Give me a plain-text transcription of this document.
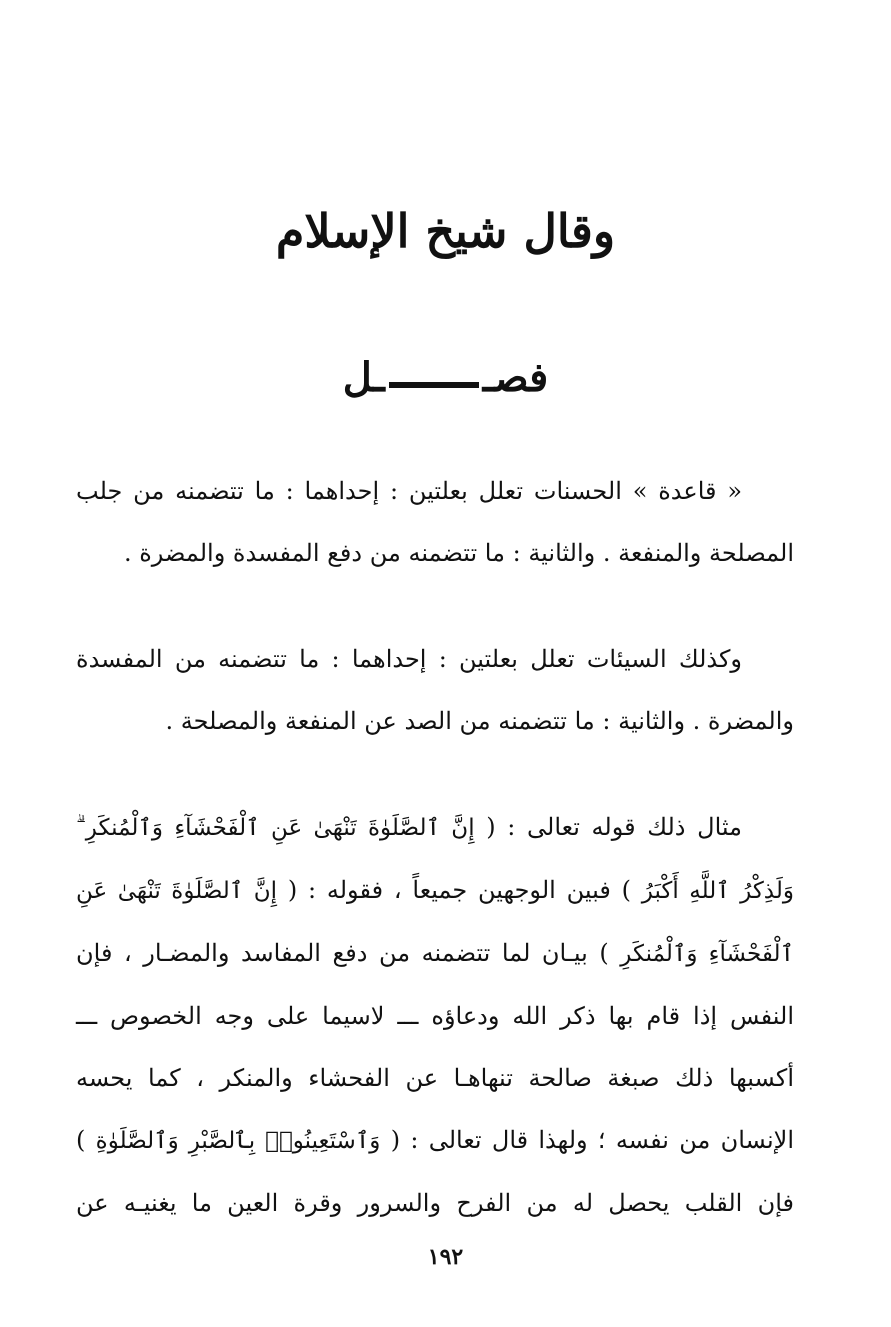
وقال شيخ الإسلام
فصــل

« قاعدة » الحسنات تعلل بعلتين : إحداهما : ما تتضمنه من جلب المصلحة والمنفعة . والثانية : ما تتضمنه من دفع المفسدة والمضرة .

وكذلك السيئات تعلل بعلتين : إحداهما : ما تتضمنه من المفسدة والمضرة . والثانية : ما تتضمنه من الصد عن المنفعة والمصلحة .

مثال ذلك قوله تعالى : ( إِنَّ ٱلصَّلَوٰةَ تَنْهَىٰ عَنِ ٱلْفَحْشَآءِ وَٱلْمُنكَرِ ۗ وَلَذِكْرُ ٱللَّهِ أَكْبَرُ ) فبين الوجهين جميعاً ، فقوله : ( إِنَّ ٱلصَّلَوٰةَ تَنْهَىٰ عَنِ ٱلْفَحْشَآءِ وَٱلْمُنكَرِ ) بيـان لما تتضمنه من دفع المفاسد والمضـار ، فإن النفس إذا قام بها ذكر الله ودعاؤه ـــ لاسيما على وجه الخصوص ـــ أكسبها ذلك صبغة صالحة تنهاهـا عن الفحشاء والمنكر ، كما يحسه الإنسان من نفسه ؛ ولهذا قال تعالى : ( وَٱسْتَعِينُوا۟ بِٱلصَّبْرِ وَٱلصَّلَوٰةِ ) فإن القلب يحصل له من الفرح والسرور وقرة العين ما يغنيـه عن

١٩٢
